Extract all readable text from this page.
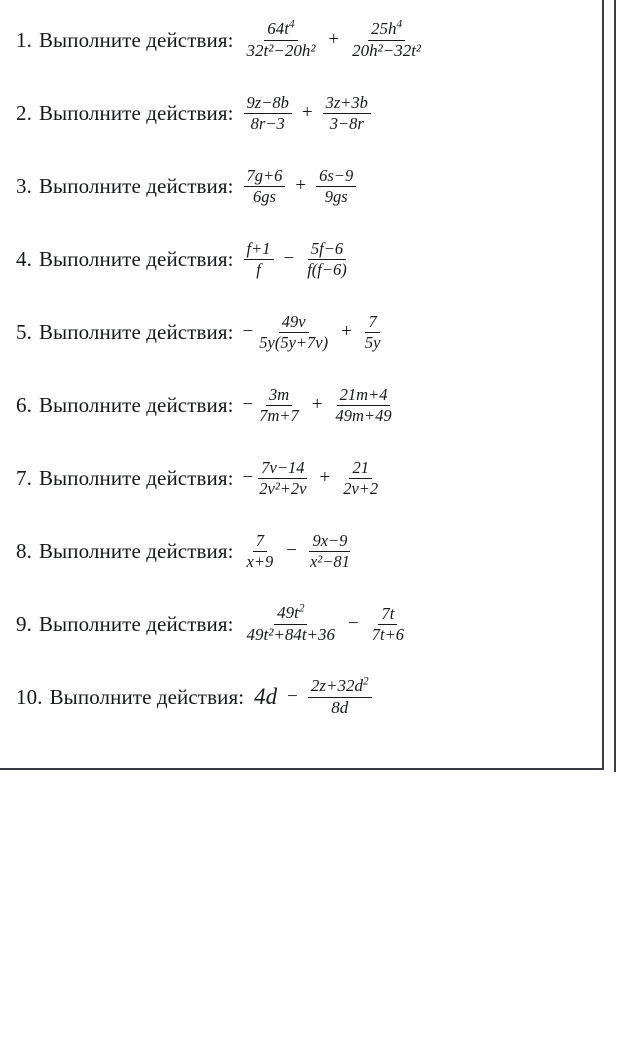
1. Выполните действия: $\frac{64t^4}{\text{32t²−20h²}} + \frac{25h^4}{\text{20h²−32t²}}$
2. Выполните действия: $\frac{9z-8b}{8r-3} + \frac{3z+3b}{3-8r}$
3. Выполните действия: $\frac{7g+6}{6gs} + \frac{6s-9}{9gs}$
4. Выполните действия: $\frac{f+1}{f} - \frac{5f-6}{f(f-6)}$
5. Выполните действия: − $\frac{49v}{5y(5y+7v)} + \frac{7}{5y}$
6. Выполните действия: − $\frac{3m}{7m+7} + \frac{21m+4}{49m+49}$
7. Выполните действия: − $\frac{7v-14}{\text{2v²+2v}} + \frac{21}{2v+2}$
8. Выполните действия: $\frac{7}{x+9} - \frac{9x-9}{\text{x²−81}}$
9. Выполните действия: $\frac{49t^2}{\text{49t²+84t+36}} - \frac{7t}{7t+6}$
10. Выполните действия: $4d - \frac{2z+32d^2}{8d}$
